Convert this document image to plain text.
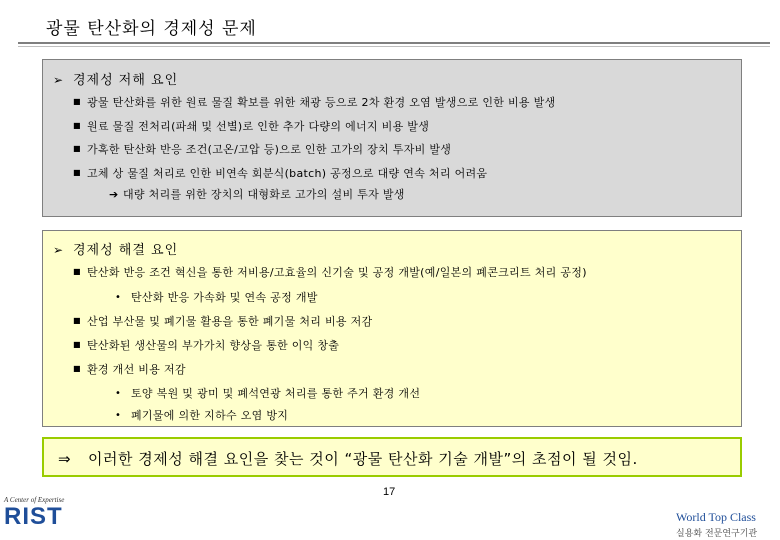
광물 탄산화의 경제성 문제
➢ 경제성 저해 요인
■ 광물 탄산화를 위한 원료 물질 확보를 위한 채광 등으로 2차 환경 오염 발생으로 인한 비용 발생
■ 원료 물질 전처리(파쇄 및 선별)로 인한 추가 다량의 에너지 비용 발생
■ 가혹한 탄산화 반응 조건(고온/고압 등)으로 인한 고가의 장치 투자비 발생
■ 고체 상 물질 처리로 인한 비연속 회분식(batch) 공정으로 대량 연속 처리 어려움
➔ 대량 처리를 위한 장치의 대형화로 고가의 설비 투자 발생
➢ 경제성 해결 요인
■ 탄산화 반응 조건 혁신을 통한 저비용/고효율의 신기술 및 공정 개발(예/일본의 폐콘크리트 처리 공정)
• 탄산화 반응 가속화 및 연속 공정 개발
■ 산업 부산물 및 폐기물 활용을 통한 폐기물 처리 비용 저감
■ 탄산화된 생산물의 부가가치 향상을 통한 이익 창출
■ 환경 개선 비용 저감
• 토양 복원 및 광미 및 폐석연광 처리를 통한 주거 환경 개선
• 폐기물에 의한 지하수 오염 방지
⇒ 이러한 경제성 해결 요인을 찾는 것이 “광물 탄산화 기술 개발”의 초점이 될 것임.
17
A Center of Expertise
RIST	World Top Class
실용화 전문연구기관
